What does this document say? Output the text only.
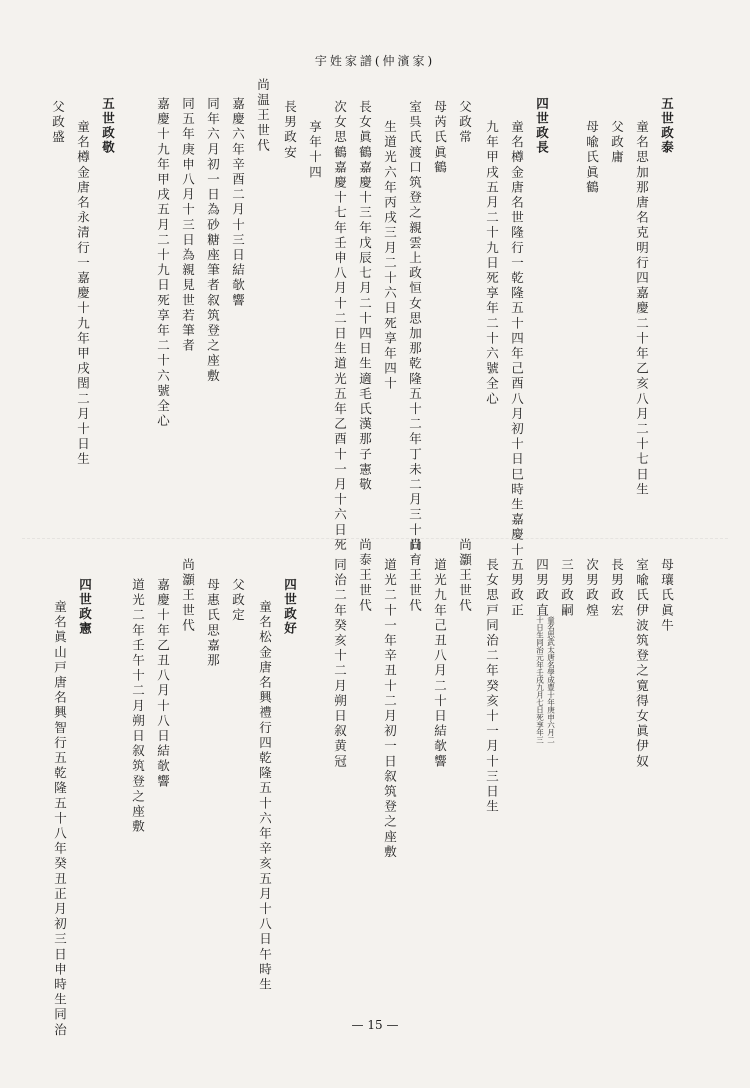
宇姓家譜(仲濱家)
五世政泰
童名思加那唐名克明行四嘉慶二十年乙亥八月二十七日生
父政庸
母喩氏眞鶴
四世政長
童名樽金唐名世隆行一乾隆五十四年己酉八月初十日巳時生嘉慶十
九年甲戌五月二十九日死享年二十六號全心
父政常
母芮氏眞鶴
室呉氏渡口筑登之親雲上政恒女思加那乾隆五十二年丁未二月三十日
生道光六年丙戌三月二十六日死享年四十
長女眞鶴嘉慶十三年戊辰七月二十四日生適毛氏漢那子憲敬
次女思鶴嘉慶十七年壬申八月十二日生道光五年乙酉十一月十六日死
享年十四
長男政安
尚温王世代
嘉慶六年辛酉二月十三日結欹響
同年六月初一日為砂糖座筆者叙筑登之座敷
同五年庚申八月十三日為親見世若筆者
嘉慶十九年甲戌五月二十九日死享年二十六號全心
五世政敬
童名樽金唐名永清行一嘉慶十九年甲戌閏二月十日生
父政盛
母瓖氏眞牛
室喩氏伊波筑登之寛得女眞伊奴
長男政宏
次男政煌
三男政嗣
四男政直
童名思武太唐名學成豊十年庚申六月二
十日生同治元年壬戌九月七日死享年三
五男政正
長女思戸同治二年癸亥十一月十三日生
尚灝王世代
道光九年己丑八月二十日結欹響
尚育王世代
道光二十一年辛丑十二月初一日叙筑登之座敷
尚泰王世代
同治二年癸亥十二月朔日叙黄冠
四世政好
童名松金唐名興禮行四乾隆五十六年辛亥五月十八日午時生
父政定
母惠氏思嘉那
尚灝王世代
嘉慶十年乙丑八月十八日結欹響
道光二年壬午十二月朔日叙筑登之座敷
四世政憲
童名眞山戸唐名興智行五乾隆五十八年癸丑正月初三日申時生同治	— 15 —
